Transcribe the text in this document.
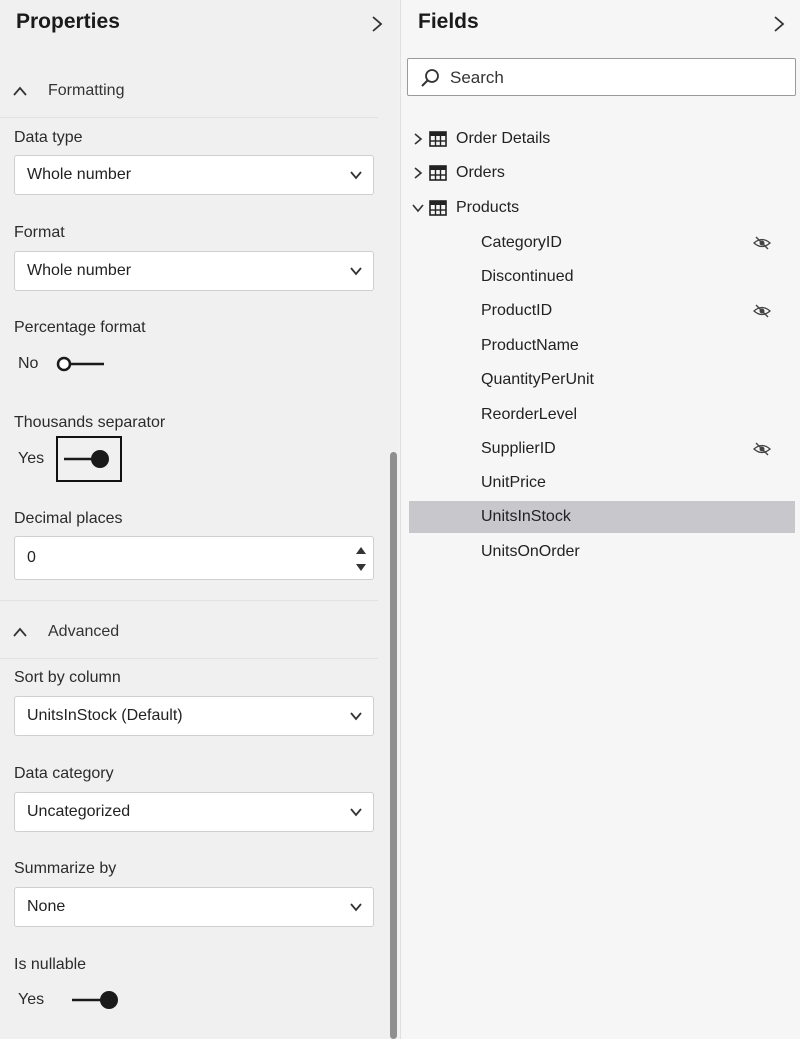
Properties
Formatting
Data type
Whole number
Format
Whole number
Percentage format
No
Thousands separator
Yes
Decimal places
0
Advanced
Sort by column
UnitsInStock (Default)
Data category
Uncategorized
Summarize by
None
Is nullable
Yes
Fields
Search
Order Details
Orders
Products
CategoryID
Discontinued
ProductID
ProductName
QuantityPerUnit
ReorderLevel
SupplierID
UnitPrice
UnitsInStock
UnitsOnOrder
